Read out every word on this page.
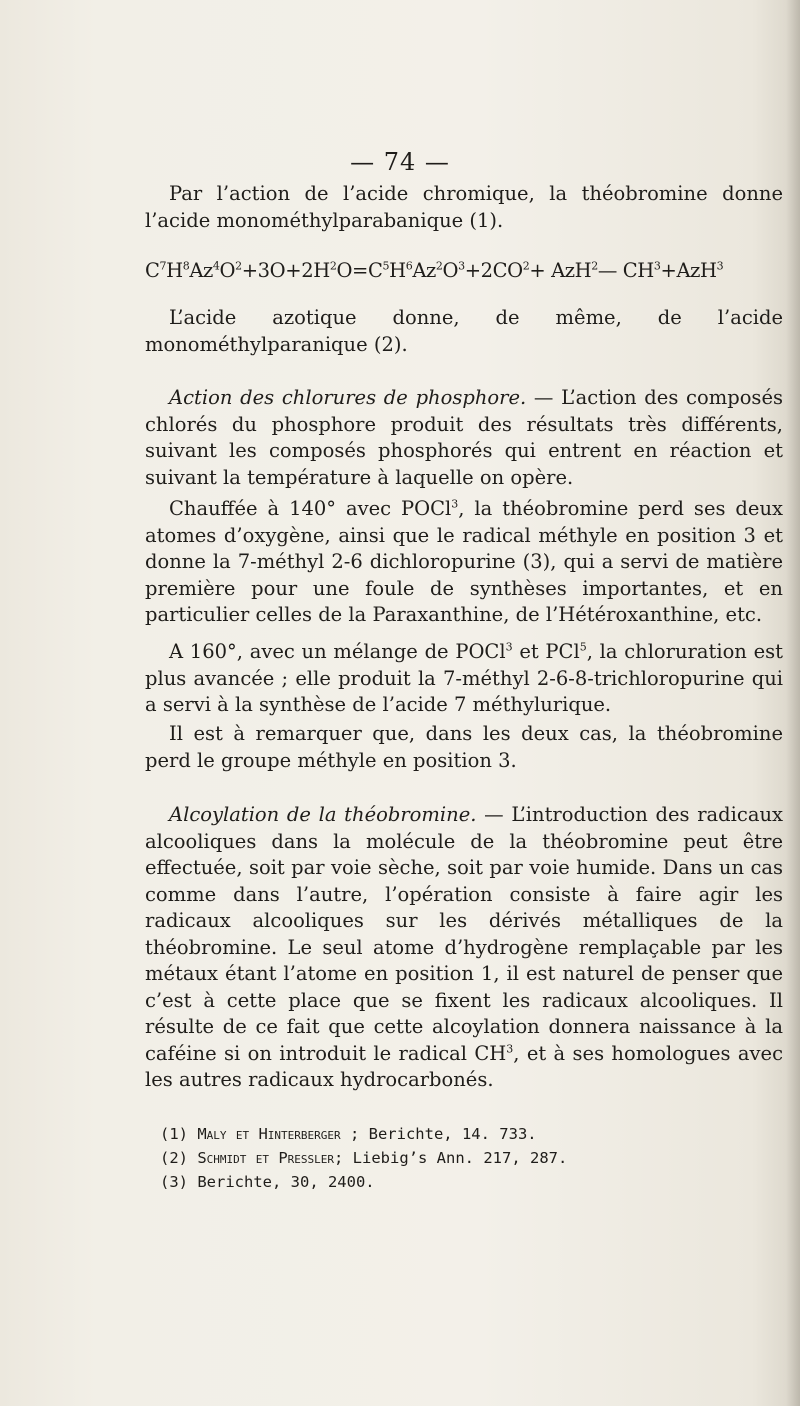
— 74 —

Par l’action de l’acide chromique, la théobromine donne l’acide monométhylparabanique (1).

$C^7H^8Az^4O^2+3O+2H^2O=C^5H^6Az^2O^3+2CO^2+$ AzH$^2$— $CH^3+AzH^3$

L’acide azotique donne, de même, de l’acide monométhylparanique (2).

Action des chlorures de phosphore. — L’action des composés chlorés du phosphore produit des résultats très différents, suivant les composés phosphorés qui entrent en réaction et suivant la température à laquelle on opère.

Chauffée à 140° avec POCl$^3$, la théobromine perd ses deux atomes d’oxygène, ainsi que le radical méthyle en position 3 et donne la 7-méthyl 2-6 dichloropurine (3), qui a servi de matière première pour une foule de synthèses importantes, et en particulier celles de la Paraxanthine, de l’Hétéroxanthine, etc.

A 160°, avec un mélange de POCl$^3$ et PCl$^5$, la chloruration est plus avancée ; elle produit la 7-méthyl 2-6-8-trichloropurine qui a servi à la synthèse de l’acide 7 méthylurique.

Il est à remarquer que, dans les deux cas, la théobromine perd le groupe méthyle en position 3.

Alcoylation de la théobromine. — L’introduction des radicaux alcooliques dans la molécule de la théobromine peut être effectuée, soit par voie sèche, soit par voie humide. Dans un cas comme dans l’autre, l’opération consiste à faire agir les radicaux alcooliques sur les dérivés métalliques de la théobromine. Le seul atome d’hydrogène remplaçable par les métaux étant l’atome en position 1, il est naturel de penser que c’est à cette place que se fixent les radicaux alcooliques. Il résulte de ce fait que cette alcoylation donnera naissance à la caféine si on introduit le radical $CH^3$, et à ses homologues avec les autres radicaux hydrocarbonés.

(1) Maly et Hinterberger ; Berichte, 14. 733.
(2) Schmidt et Pressler; Liebig’s Ann. 217, 287.
(3) Berichte, 30, 2400.
